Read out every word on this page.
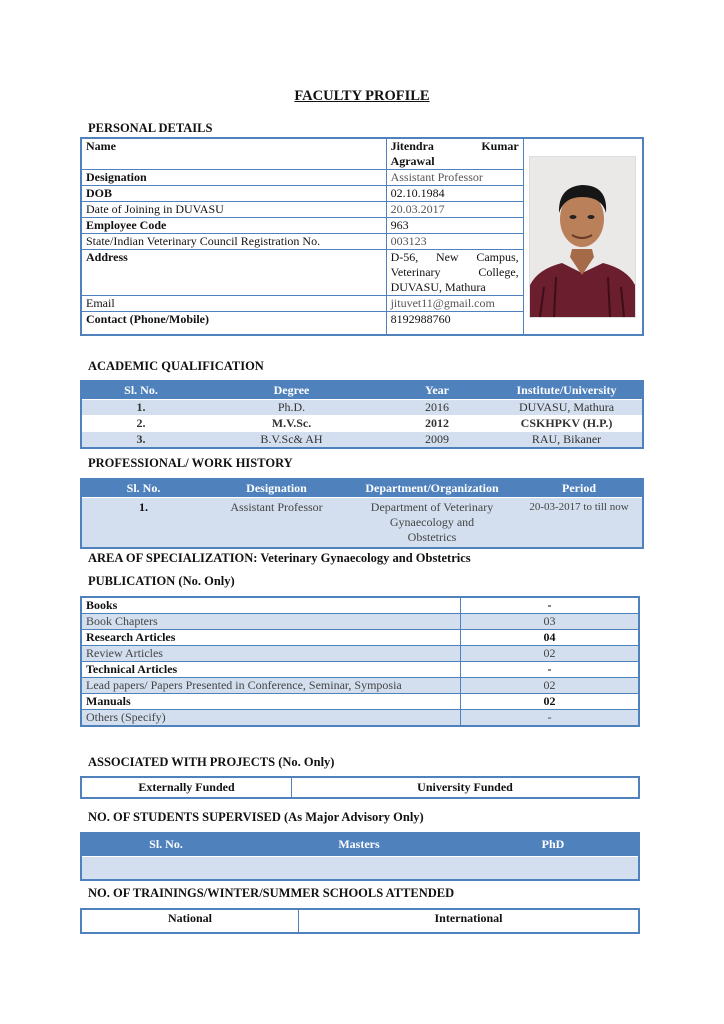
FACULTY PROFILE
PERSONAL DETAILS
Name	Jitendra Kumar
Agrawal

Designation	Assistant Professor	
DOB	02.10.1984	
Date of Joining in DUVASU	20.03.2017	
Employee Code	963	
State/Indian Veterinary Council Registration No.	003123	
Address	D-56, New Campus,
Veterinary College,
DUVASU, Mathura	

Email	jituvet11@gmail.com	
Contact (Phone/Mobile)	8192988760	
ACADEMIC QUALIFICATION
Sl. No.	Degree	Year	Institute/University
1.	Ph.D.	2016	DUVASU, Mathura
2.	M.V.Sc.	2012	CSKHPKV (H.P.)
3.	B.V.Sc& AH	2009	RAU, Bikaner
PROFESSIONAL/ WORK HISTORY
Sl. No.	Designation	Department/Organization	Period
1.	Assistant Professor	Department of Veterinary Gynaecology and Obstetrics	20-03-2017 to till now
AREA OF SPECIALIZATION: Veterinary Gynaecology and Obstetrics
PUBLICATION (No. Only)
Books	-
Book Chapters	03
Research Articles	04
Review Articles	02
Technical Articles	-
Lead papers/ Papers Presented in Conference, Seminar, Symposia	02
Manuals	02
Others (Specify)	-
ASSOCIATED WITH PROJECTS (No. Only)
Externally Funded	University Funded
NO. OF STUDENTS SUPERVISED (As Major Advisory Only)
Sl. No.	Masters	PhD

NO. OF TRAININGS/WINTER/SUMMER SCHOOLS ATTENDED
National	International
